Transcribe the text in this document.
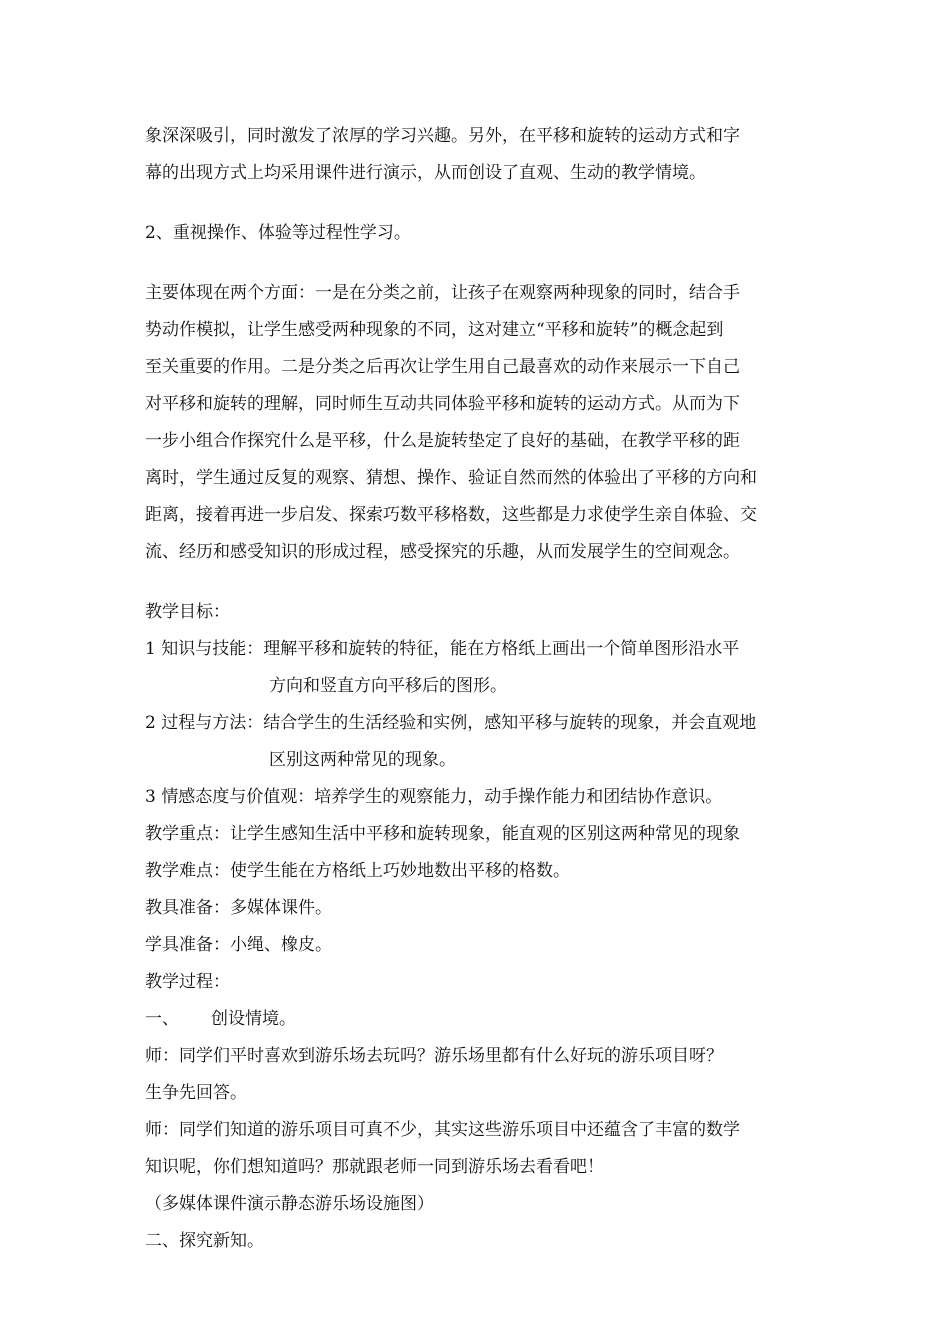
象深深吸引，同时激发了浓厚的学习兴趣。另外，在平移和旋转的运动方式和字

幕的出现方式上均采用课件进行演示，从而创设了直观、生动的教学情境。

2、重视操作、体验等过程性学习。

主要体现在两个方面：一是在分类之前，让孩子在观察两种现象的同时，结合手

势动作模拟，让学生感受两种现象的不同，这对建立“平移和旋转”的概念起到

至关重要的作用。二是分类之后再次让学生用自己最喜欢的动作来展示一下自己

对平移和旋转的理解，同时师生互动共同体验平移和旋转的运动方式。从而为下

一步小组合作探究什么是平移，什么是旋转垫定了良好的基础，在教学平移的距

离时，学生通过反复的观察、猜想、操作、验证自然而然的体验出了平移的方向和

距离，接着再进一步启发、探索巧数平移格数，这些都是力求使学生亲自体验、交

流、经历和感受知识的形成过程，感受探究的乐趣，从而发展学生的空间观念。

教学目标：

1 知识与技能：理解平移和旋转的特征，能在方格纸上画出一个简单图形沿水平

方向和竖直方向平移后的图形。

2 过程与方法：结合学生的生活经验和实例，感知平移与旋转的现象，并会直观地

区别这两种常见的现象。

3 情感态度与价值观：培养学生的观察能力，动手操作能力和团结协作意识。

教学重点：让学生感知生活中平移和旋转现象，能直观的区别这两种常见的现象

教学难点：使学生能在方格纸上巧妙地数出平移的格数。

教具准备：多媒体课件。

学具准备：小绳、橡皮。

教学过程：

一、 创设情境。

师：同学们平时喜欢到游乐场去玩吗？游乐场里都有什么好玩的游乐项目呀？

生争先回答。

师：同学们知道的游乐项目可真不少，其实这些游乐项目中还蕴含了丰富的数学

知识呢，你们想知道吗？那就跟老师一同到游乐场去看看吧！

（多媒体课件演示静态游乐场设施图）

二、探究新知。
